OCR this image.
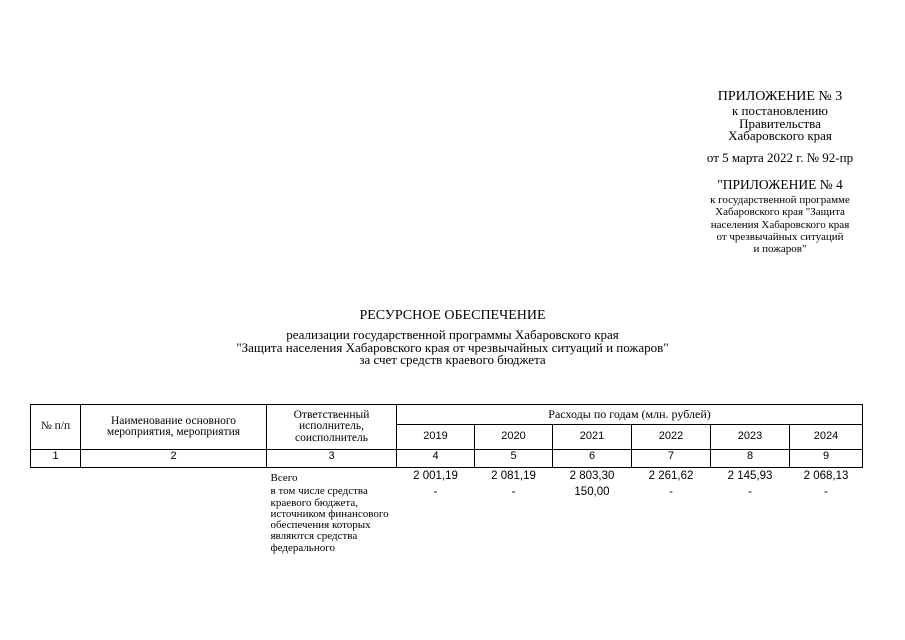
ПРИЛОЖЕНИЕ № 3
к постановлению
Правительства
Хабаровского края
от 5 марта 2022 г. № 92-пр
"ПРИЛОЖЕНИЕ № 4
к государственной программе
Хабаровского края "Защита
населения Хабаровского края
от чрезвычайных ситуаций
и пожаров"
РЕСУРСНОЕ ОБЕСПЕЧЕНИЕ
реализации государственной программы Хабаровского края
"Защита населения Хабаровского края от чрезвычайных ситуаций и пожаров"
за счет средств краевого бюджета
№ п/п	Наименование основного мероприятия, мероприятия	Ответственный исполнитель, соисполнитель	Расходы по годам (млн. рублей)					
			2019	2020	2021	2022	2023	2024
1	2	3	4	5	6	7	8	9
		Всего	2 001,19	2 081,19	2 803,30	2 261,62	2 145,93	2 068,13
		в том числе средства краевого бюджета, источником финансового обеспечения которых являются средства федерального	-	-	150,00	-	-	-
